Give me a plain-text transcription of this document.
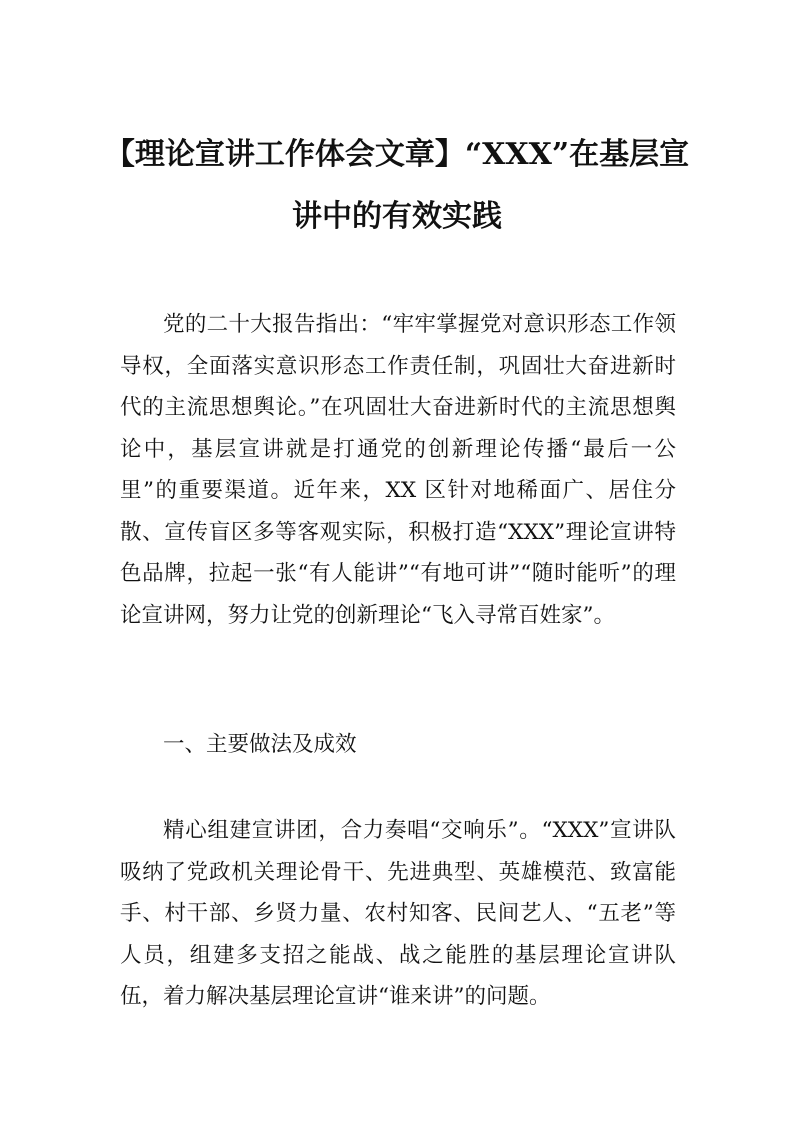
【理论宣讲工作体会文章】“XXX”在基层宣讲中的有效实践

党的二十大报告指出：“牢牢掌握党对意识形态工作领导权，全面落实意识形态工作责任制，巩固壮大奋进新时代的主流思想舆论。”在巩固壮大奋进新时代的主流思想舆论中，基层宣讲就是打通党的创新理论传播“最后一公里”的重要渠道。近年来，XX 区针对地稀面广、居住分散、宣传盲区多等客观实际，积极打造“XXX”理论宣讲特色品牌，拉起一张“有人能讲”“有地可讲”“随时能听”的理论宣讲网，努力让党的创新理论“飞入寻常百姓家”。

一、主要做法及成效

精心组建宣讲团，合力奏唱“交响乐”。“XXX”宣讲队吸纳了党政机关理论骨干、先进典型、英雄模范、致富能手、村干部、乡贤力量、农村知客、民间艺人、“五老”等人员，组建多支招之能战、战之能胜的基层理论宣讲队伍，着力解决基层理论宣讲“谁来讲”的问题。
